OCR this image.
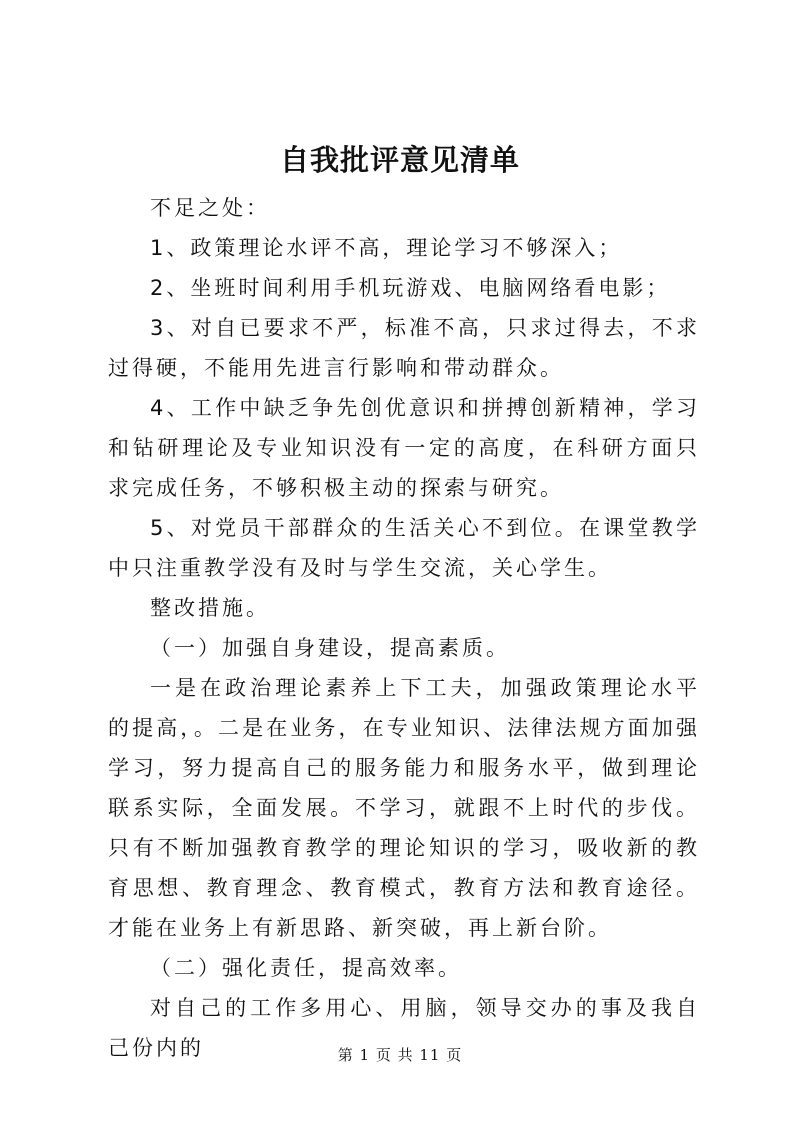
自我批评意见清单

不足之处：

1、政策理论水评不高，理论学习不够深入；

2、坐班时间利用手机玩游戏、电脑网络看电影；

3、对自已要求不严，标准不高，只求过得去，不求过得硬，不能用先进言行影响和带动群众。

4、工作中缺乏争先创优意识和拼搏创新精神，学习和钻研理论及专业知识没有一定的高度，在科研方面只求完成任务，不够积极主动的探索与研究。

5、对党员干部群众的生活关心不到位。在课堂教学中只注重教学没有及时与学生交流，关心学生。

整改措施。

（一）加强自身建设，提高素质。

一是在政治理论素养上下工夫，加强政策理论水平的提高，。二是在业务，在专业知识、法律法规方面加强学习，努力提高自己的服务能力和服务水平，做到理论联系实际，全面发展。不学习，就跟不上时代的步伐。只有不断加强教育教学的理论知识的学习，吸收新的教育思想、教育理念、教育模式，教育方法和教育途径。才能在业务上有新思路、新突破，再上新台阶。

（二）强化责任，提高效率。

对自己的工作多用心、用脑，领导交办的事及我自己份内的	第 1 页 共 11 页
